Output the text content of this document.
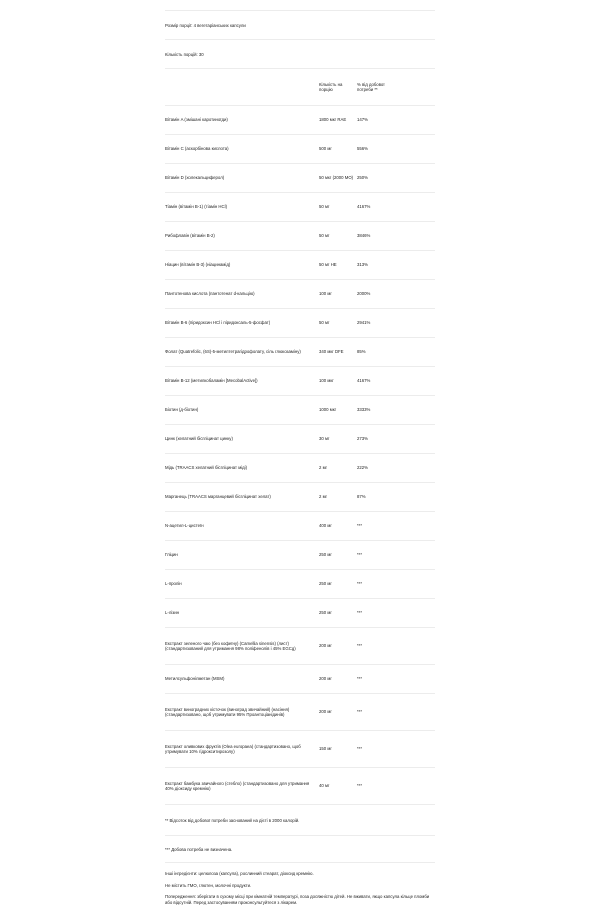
Розмір порції: 4 вегетаріанських капсули
Кількість порцій: 30
Кількість на порцію
% від добової потреби **
Вітамін A (змішані каротиноїди)	1800 мкг RAE	147%
Вітамін C (аскорбінова кислота)	500 мг	556%
Вітамін D (холекальциферол)	50 мкг (2000 МО) 250%
Тіамін (вітамін B-1) (тіамін HCl)	50 мг	4167%
Рибофлавін (вітамін B-2)	50 мг	3846%
Ніацин (вітамін B-3) (ніацинамід)	50 мг НЕ	313%
Пантотенова кислота (пантотенат d-кальцію)	100 мг	2000%
Вітамін B-6 (піридоксин HCl і піридоксаль-5-фосфат)	50 мг	2941%
Фолат (Quatrefolic, (6S)-5-метилтетрагідрофолату, сіль глюкозаміну)	340 мкг DFE	85%
Вітамін B-12 (метилкобаламін [MecobalActive])	100 мкг	4167%
Біотин (д-біотин)	1000 мкг	3333%
Цинк (хелатний бісгліцинат цинку)	30 мг	273%
Мідь (TRAACS хелатний бісгліцинат міді)	2 мг	222%
Марганець (TRAACS марганцевий бісгліцинат хелат)	2 мг	87%
N-ацетил-L-цистеїн	400 мг	***
Гліцин	250 мг	***
L-пролін	250 мг	***
L-лізин	250 мг	***
Екстракт зеленого чаю (без кофеїну) (Camellia sinensis) (лист) (стандартизований для утримання 98% поліфенолів і 45% EGCg)
200 мг	***
Метилсульфонілметан (MSM)	200 мг	***
Екстракт виноградних кісточок (виноград звичайний) (насіння) (стандартизовано, щоб утримувати 95% Проантоціанідинів)
200 мг	***
Екстракт оливкових фруктів (Olea europaea) (стандартизовано, щоб утримувати 10% гідрокситирозолу)
150 мг	***
Екстракт бамбука звичайного (стебло) (стандартизовано для утримання 40% діоксиду кремнію)
40 мг	***
** Відсоток від добової потреби заснований на дієті в 2000 калорій.
*** Добова потреба не визначена.

Інші інгредієнти: целюлоза (капсула), рослинний стеарат, діоксид кремнію.

Не містить ГМО, глютен, молочні продукти.

Попередження: зберігати в сухому місці при кімнатній температурі, поза досяжністю дітей. Не вживати, якщо капсула кільце пломби або відсутній. Перед застосуванням проконсультуйтеся з лікарем.
